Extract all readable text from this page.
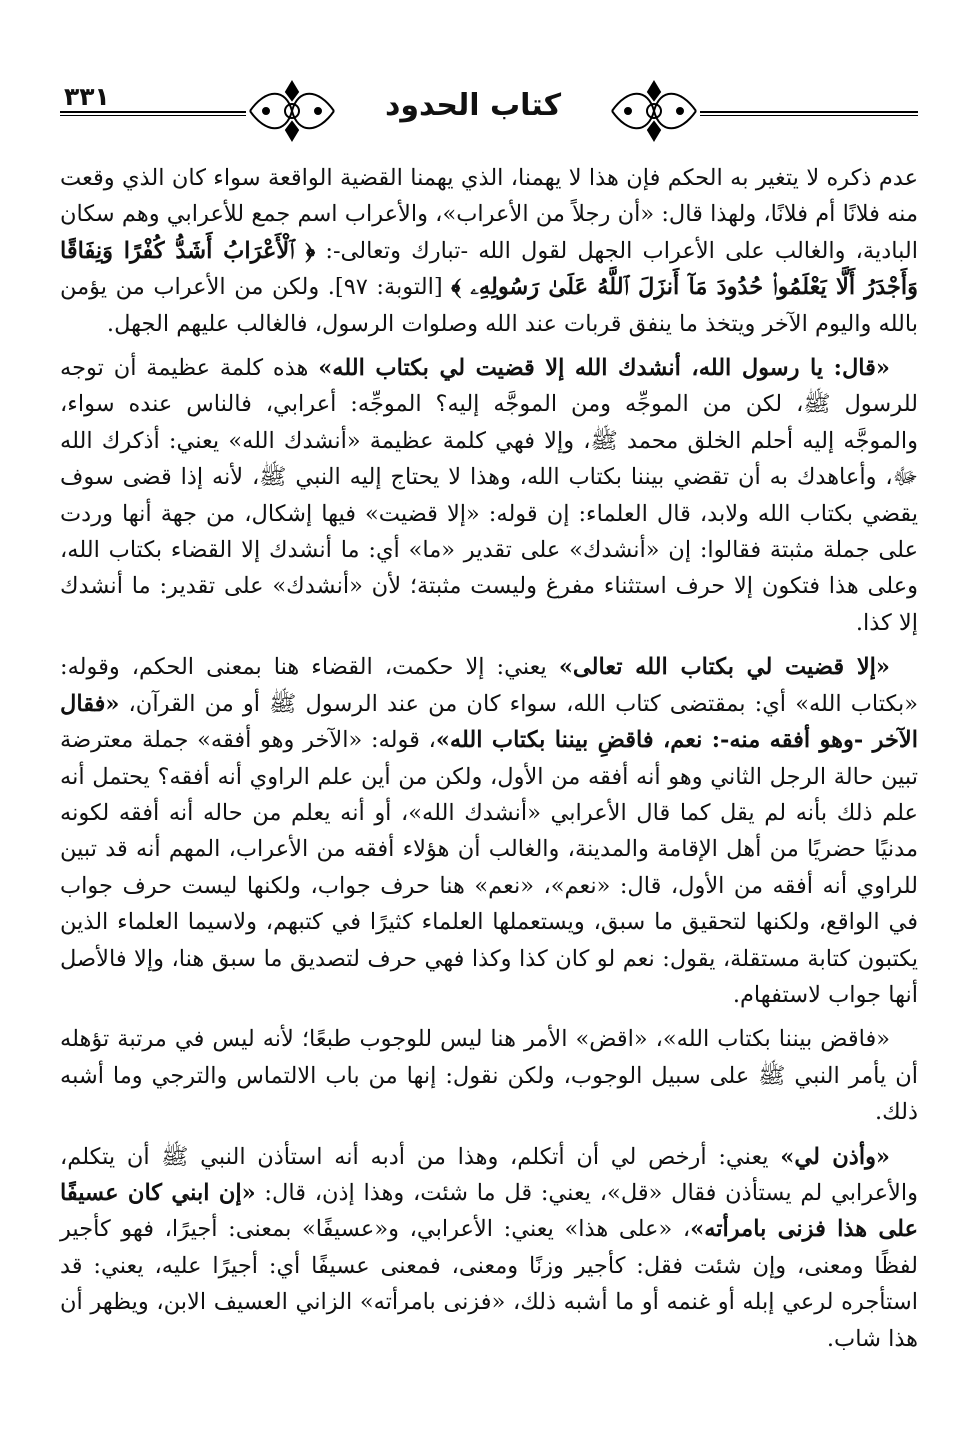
٣٣١	كتاب الحدود

عدم ذكره لا يتغير به الحكم فإن هذا لا يهمنا، الذي يهمنا القضية الواقعة سواء كان الذي وقعت منه فلانًا أم فلانًا، ولهذا قال: «أن رجلاً من الأعراب»، والأعراب اسم جمع للأعرابي وهم سكان البادية، والغالب على الأعراب الجهل لقول الله -تبارك وتعالى-: ﴿ ٱلْأَعْرَابُ أَشَدُّ كُفْرًا وَنِفَاقًا وَأَجْدَرُ أَلَّا يَعْلَمُوا۟ حُدُودَ مَآ أَنزَلَ ٱللَّهُ عَلَىٰ رَسُولِهِۦ ﴾ [التوبة: ٩٧]. ولكن من الأعراب من يؤمن بالله واليوم الآخر ويتخذ ما ينفق قربات عند الله وصلوات الرسول، فالغالب عليهم الجهل.

«قال: يا رسول الله، أنشدك الله إلا قضيت لي بكتاب الله» هذه كلمة عظيمة أن توجه للرسول ﷺ، لكن من الموجِّه ومن الموجَّه إليه؟ الموجِّه: أعرابي، فالناس عنده سواء، والموجَّه إليه أحلم الخلق محمد ﷺ، وإلا فهي كلمة عظيمة «أنشدك الله» يعني: أذكرك الله ﷻ، وأعاهدك به أن تقضي بيننا بكتاب الله، وهذا لا يحتاج إليه النبي ﷺ، لأنه إذا قضى سوف يقضي بكتاب الله ولابد، قال العلماء: إن قوله: «إلا قضيت» فيها إشكال، من جهة أنها وردت على جملة مثبتة فقالوا: إن «أنشدك» على تقدير «ما» أي: ما أنشدك إلا القضاء بكتاب الله، وعلى هذا فتكون إلا حرف استثناء مفرغ وليست مثبتة؛ لأن «أنشدك» على تقدير: ما أنشدك إلا كذا.

«إلا قضيت لي بكتاب الله تعالى» يعني: إلا حكمت، القضاء هنا بمعنى الحكم، وقوله: «بكتاب الله» أي: بمقتضى كتاب الله، سواء كان من عند الرسول ﷺ أو من القرآن، «فقال الآخر -وهو أفقه منه-: نعم، فاقضِ بيننا بكتاب الله»، قوله: «الآخر وهو أفقه» جملة معترضة تبين حالة الرجل الثاني وهو أنه أفقه من الأول، ولكن من أين علم الراوي أنه أفقه؟ يحتمل أنه علم ذلك بأنه لم يقل كما قال الأعرابي «أنشدك الله»، أو أنه يعلم من حاله أنه أفقه لكونه مدنيًا حضريًا من أهل الإقامة والمدينة، والغالب أن هؤلاء أفقه من الأعراب، المهم أنه قد تبين للراوي أنه أفقه من الأول، قال: «نعم»، «نعم» هنا حرف جواب، ولكنها ليست حرف جواب في الواقع، ولكنها لتحقيق ما سبق، ويستعملها العلماء كثيرًا في كتبهم، ولاسيما العلماء الذين يكتبون كتابة مستقلة، يقول: نعم لو كان كذا وكذا فهي حرف لتصديق ما سبق هنا، وإلا فالأصل أنها جواب لاستفهام.

«فاقض بيننا بكتاب الله»، «اقض» الأمر هنا ليس للوجوب طبعًا؛ لأنه ليس في مرتبة تؤهله أن يأمر النبي ﷺ على سبيل الوجوب، ولكن نقول: إنها من باب الالتماس والترجي وما أشبه ذلك.

«وأذن لي» يعني: أرخص لي أن أتكلم، وهذا من أدبه أنه استأذن النبي ﷺ أن يتكلم، والأعرابي لم يستأذن فقال «قل»، يعني: قل ما شئت، وهذا إذن، قال: «إن ابني كان عسيفًا على هذا فزنى بامرأته»، «على هذا» يعني: الأعرابي، و«عسيفًا» بمعنى: أجيرًا، فهو كأجير لفظًا ومعنى، وإن شئت فقل: كأجير وزنًا ومعنى، فمعنى عسيفًا أي: أجيرًا عليه، يعني: قد استأجره لرعي إبله أو غنمه أو ما أشبه ذلك، «فزنى بامرأته» الزاني العسيف الابن، ويظهر أن هذا شاب.
